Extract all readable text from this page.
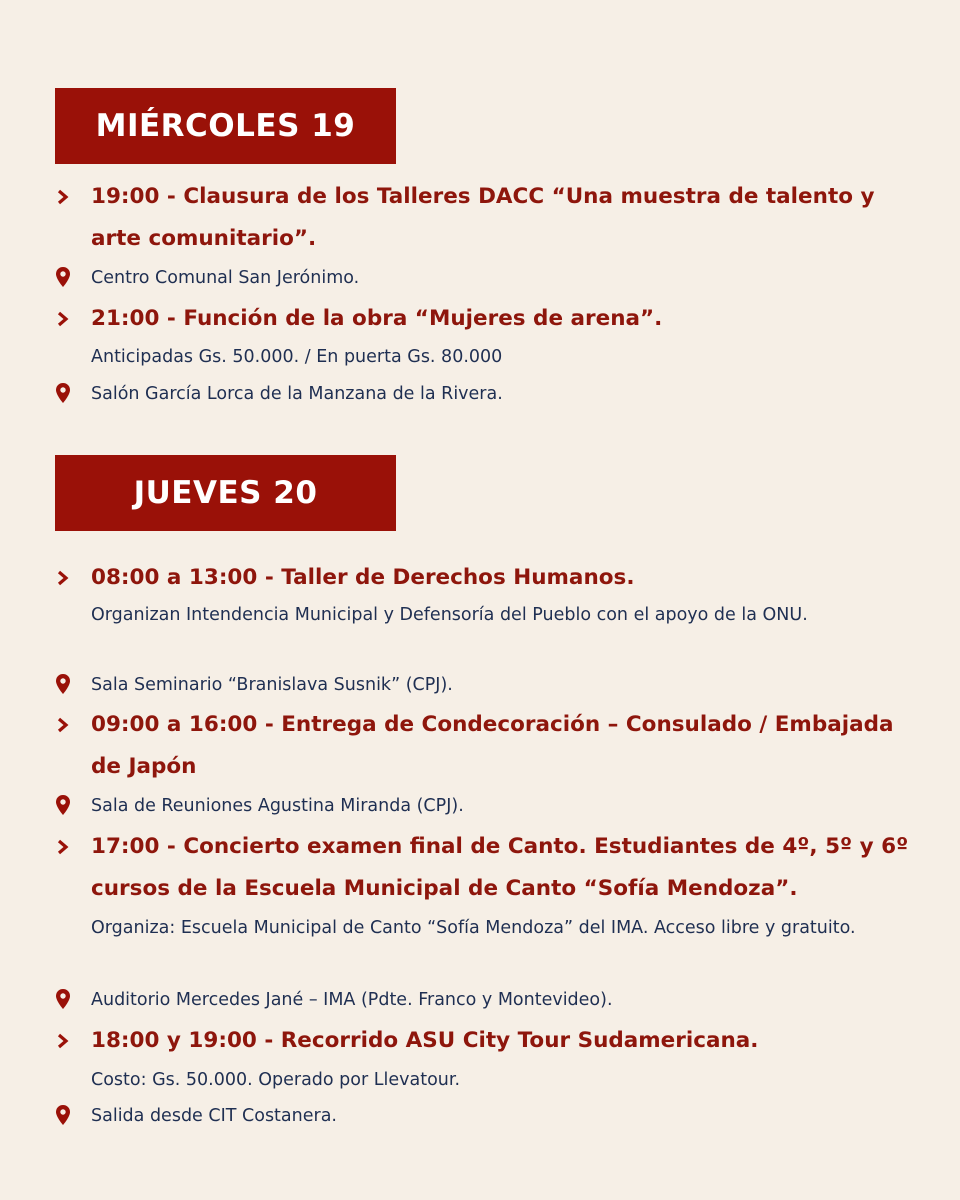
MIÉRCOLES 19
19:00 - Clausura de los Talleres DACC “Una muestra de talento y arte comunitario”.
Centro Comunal San Jerónimo.
21:00 - Función de la obra “Mujeres de arena”.
Anticipadas Gs. 50.000. / En puerta Gs. 80.000
Salón García Lorca de la Manzana de la Rivera.
JUEVES 20
08:00 a 13:00 - Taller de Derechos Humanos.
Organizan Intendencia Municipal y Defensoría del Pueblo con el apoyo de la ONU.
Sala Seminario “Branislava Susnik” (CPJ).
09:00 a 16:00 - Entrega de Condecoración – Consulado / Embajada de Japón
Sala de Reuniones Agustina Miranda (CPJ).
17:00 - Concierto examen final de Canto. Estudiantes de 4º, 5º y 6º cursos de la Escuela Municipal de Canto “Sofía Mendoza”.
Organiza: Escuela Municipal de Canto “Sofía Mendoza” del IMA. Acceso libre y gratuito.
Auditorio Mercedes Jané – IMA (Pdte. Franco y Montevideo).
18:00 y 19:00 - Recorrido ASU City Tour Sudamericana.
Costo: Gs. 50.000. Operado por Llevatour.
Salida desde CIT Costanera.
